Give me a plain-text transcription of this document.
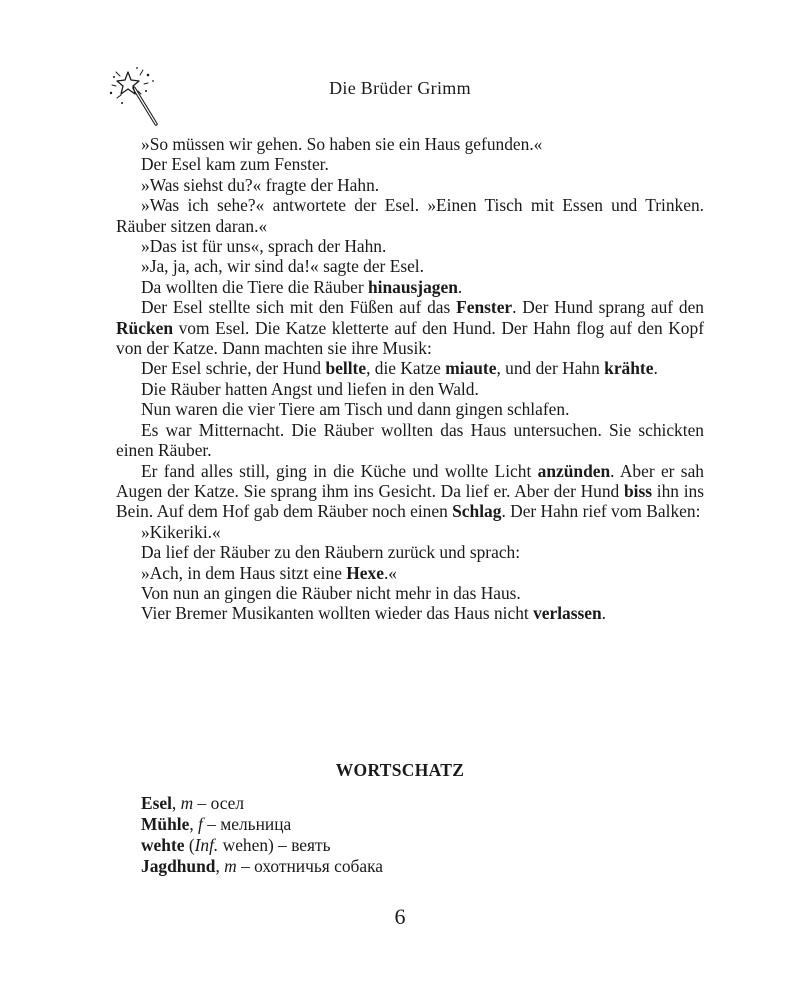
Die Brüder Grimm

»So müssen wir gehen. So haben sie ein Haus gefunden.«

Der Esel kam zum Fenster.

»Was siehst du?« fragte der Hahn.

»Was ich sehe?« antwortete der Esel. »Einen Tisch mit Essen und Trinken. Räuber sitzen daran.«

»Das ist für uns«, sprach der Hahn.

»Ja, ja, ach, wir sind da!« sagte der Esel.

Da wollten die Tiere die Räuber hinausjagen.

Der Esel stellte sich mit den Füßen auf das Fenster. Der Hund sprang auf den Rücken vom Esel. Die Katze kletterte auf den Hund. Der Hahn flog auf den Kopf von der Katze. Dann machten sie ihre Musik:

Der Esel schrie, der Hund bellte, die Katze miaute, und der Hahn krähte.

Die Räuber hatten Angst und liefen in den Wald.

Nun waren die vier Tiere am Tisch und dann gingen schlafen.

Es war Mitternacht. Die Räuber wollten das Haus untersuchen. Sie schickten einen Räuber.

Er fand alles still, ging in die Küche und wollte Licht anzünden. Aber er sah Augen der Katze. Sie sprang ihm ins Gesicht. Da lief er. Aber der Hund biss ihn ins Bein. Auf dem Hof gab dem Räuber noch einen Schlag. Der Hahn rief vom Balken:

»Kikeriki.«

Da lief der Räuber zu den Räubern zurück und sprach:

»Ach, in dem Haus sitzt eine Hexe.«

Von nun an gingen die Räuber nicht mehr in das Haus.

Vier Bremer Musikanten wollten wieder das Haus nicht verlassen.

WORTSCHATZ
Esel, m – осел
Mühle, f – мельница
wehte (Inf. wehen) – веять
Jagdhund, m – охотничья собака
6
